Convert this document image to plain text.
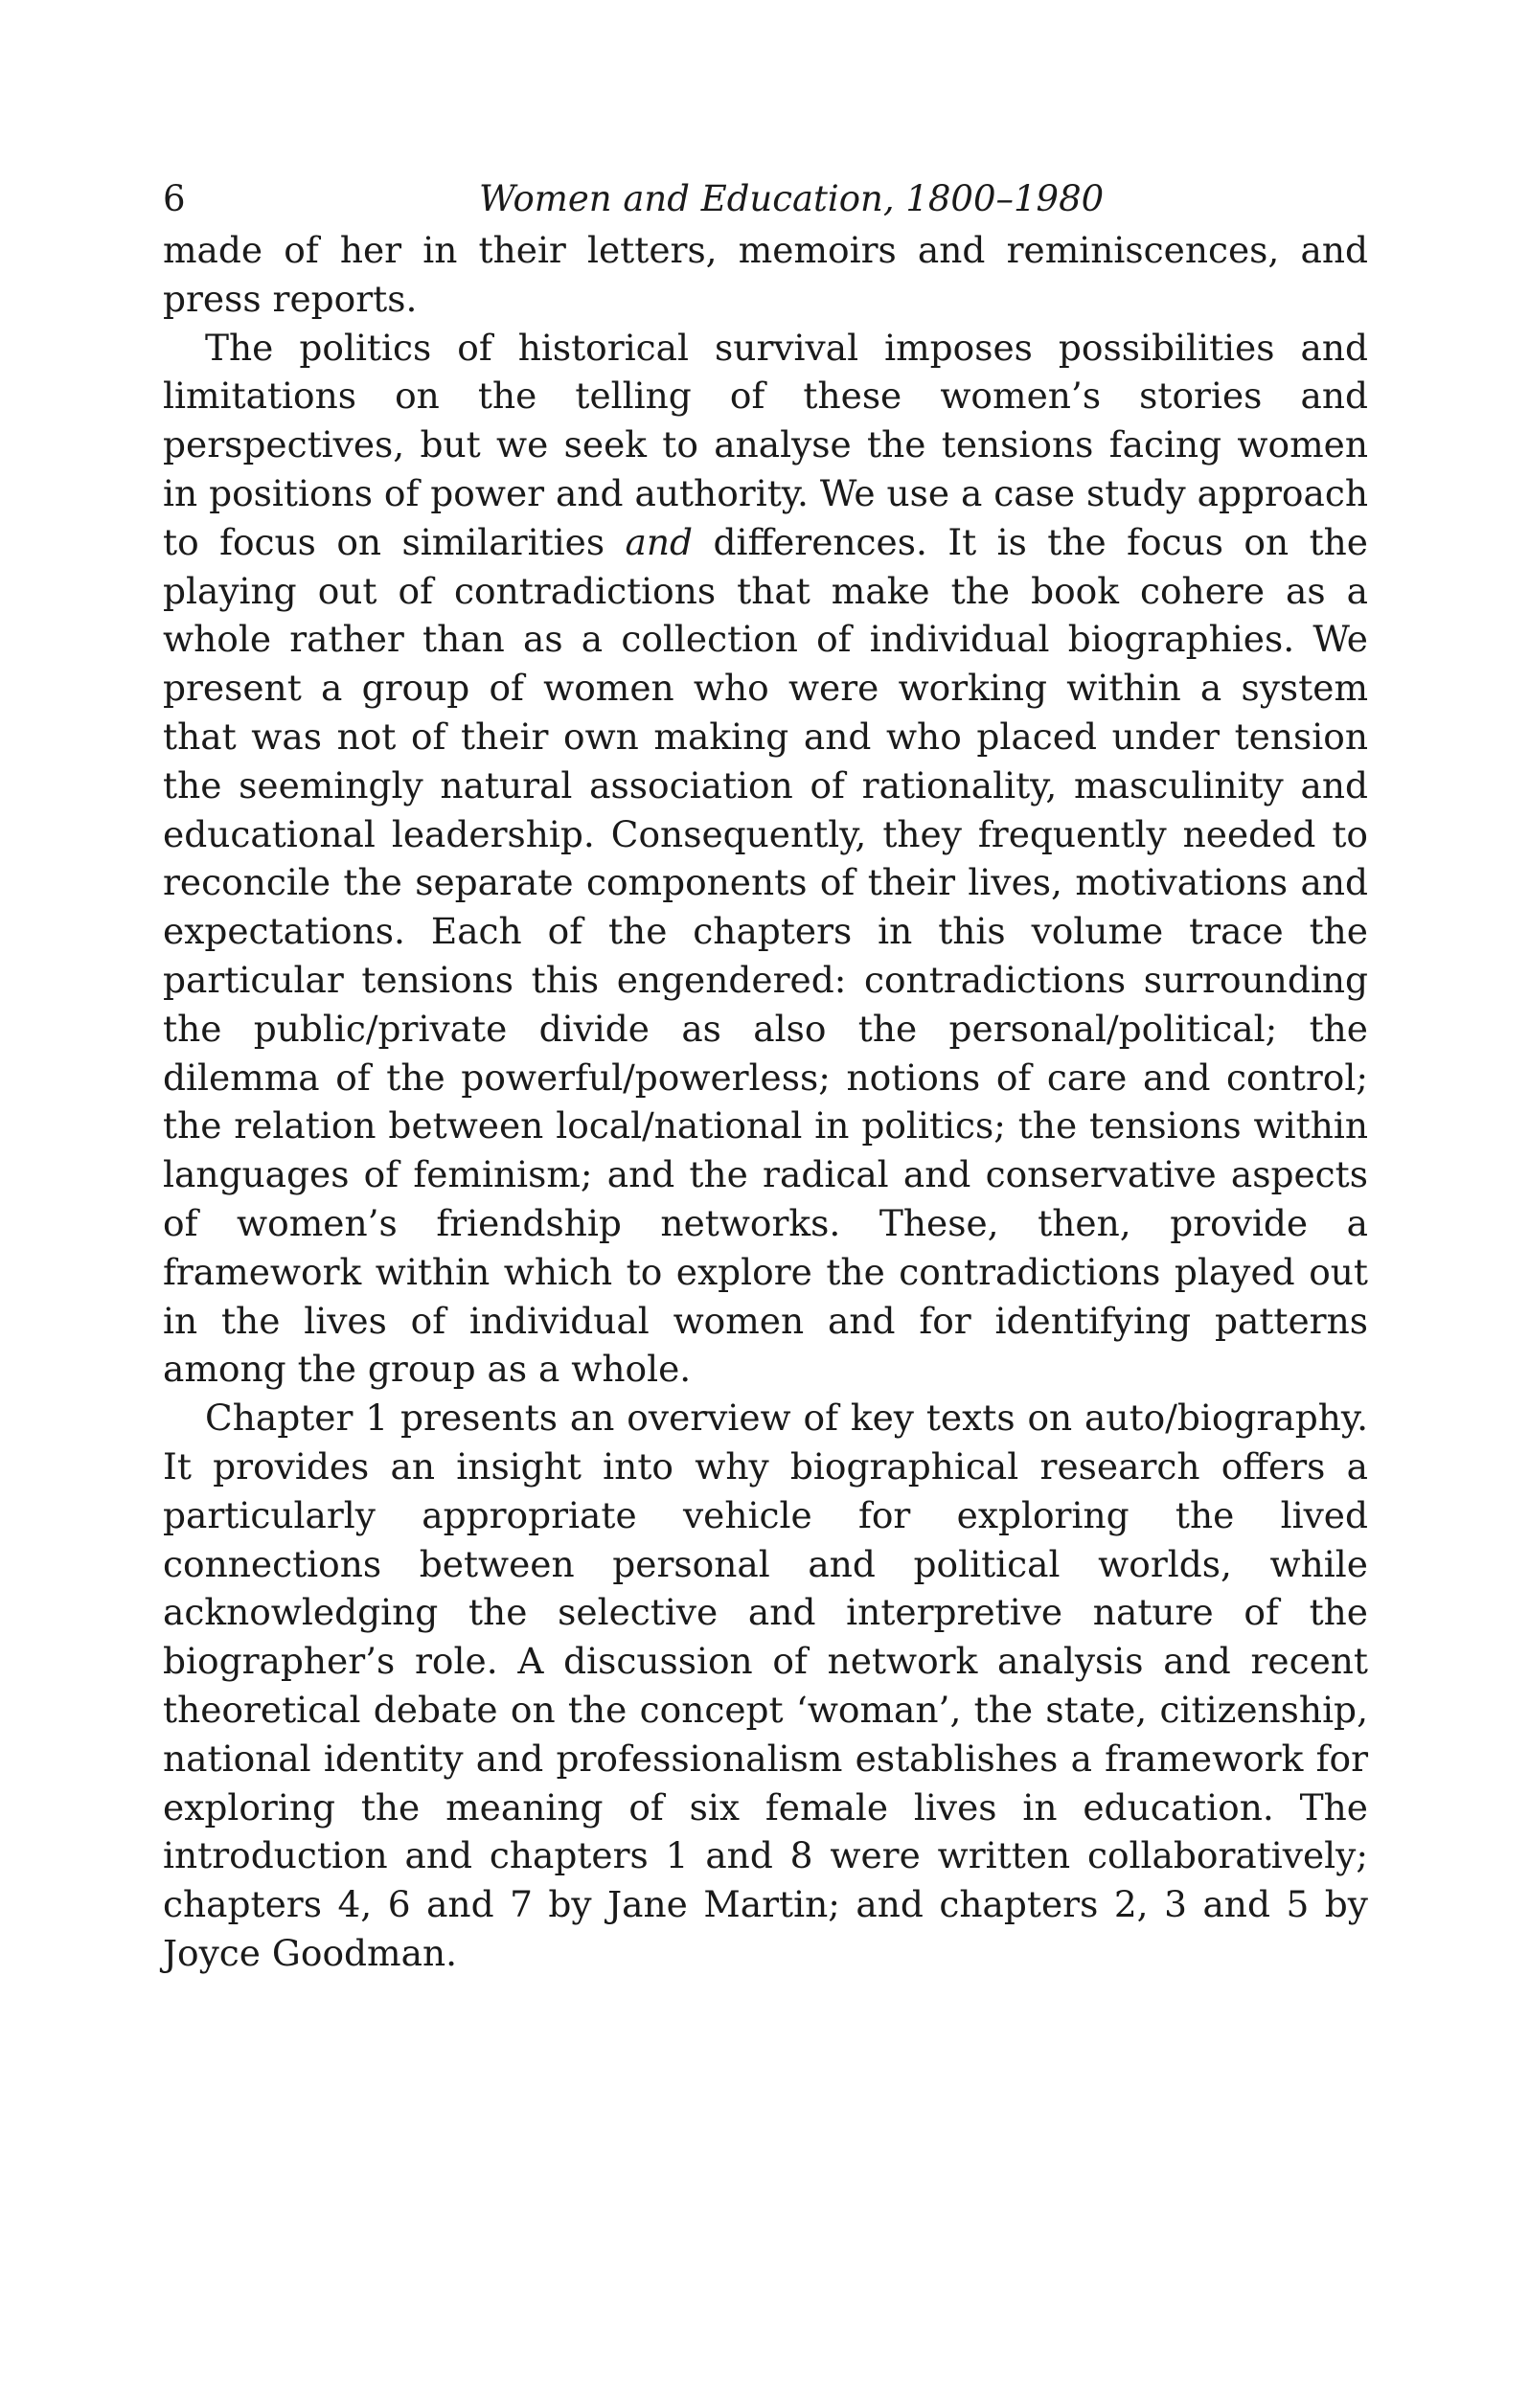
6	Women and Education, 1800–1980

made of her in their letters, memoirs and reminiscences, and press reports.

The politics of historical survival imposes possibilities and limitations on the telling of these women’s stories and perspectives, but we seek to analyse the tensions facing women in positions of power and authority. We use a case study approach to focus on similarities and differences. It is the focus on the playing out of contradictions that make the book cohere as a whole rather than as a collection of individual biographies. We present a group of women who were working within a system that was not of their own making and who placed under tension the seemingly natural association of rationality, masculinity and educational leadership. Consequently, they frequently needed to reconcile the separate components of their lives, motivations and expectations. Each of the chapters in this volume trace the particular tensions this engendered: contradictions surrounding the public/private divide as also the personal/political; the dilemma of the powerful/powerless; notions of care and control; the relation between local/national in politics; the tensions within languages of feminism; and the radical and conservative aspects of women’s friendship networks. These, then, provide a framework within which to explore the contradictions played out in the lives of individual women and for identifying patterns among the group as a whole.

Chapter 1 presents an overview of key texts on auto/biography. It provides an insight into why biographical research offers a particularly appropriate vehicle for exploring the lived connections between personal and political worlds, while acknowledging the selective and interpretive nature of the biographer’s role. A discussion of network analysis and recent theoretical debate on the concept ‘woman’, the state, citizenship, national identity and professionalism establishes a framework for exploring the meaning of six female lives in education. The introduction and chapters 1 and 8 were written collaboratively; chapters 4, 6 and 7 by Jane Martin; and chapters 2, 3 and 5 by Joyce Goodman.
